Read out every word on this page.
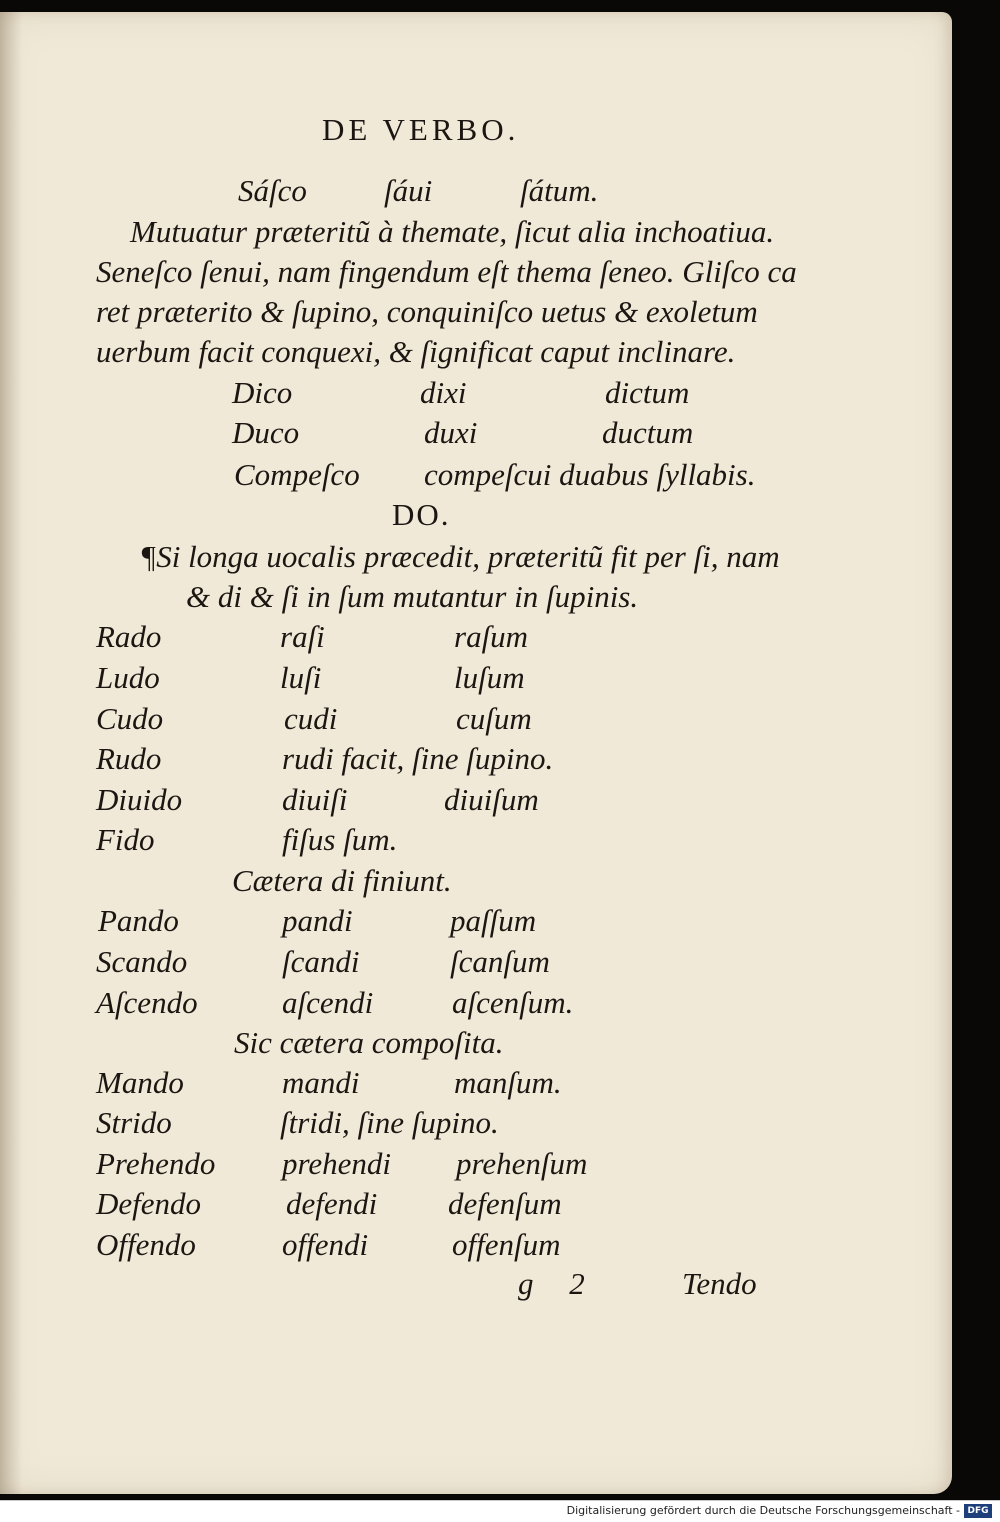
DE VERBO.
Sáſco ſáui	ſátum.
Mutuatur præteritũ à themate, ſicut alia inchoatiua.
Seneſco ſenui, nam fingendum eſt thema ſeneo. Gliſco ca
ret præterito & ſupino, conquiniſco uetus & exoletum
uerbum facit conquexi, & ſignificat caput inclinare.
Dico	dixi	dictum
Duco	duxi	ductum
Compeſco compeſcui duabus ſyllabis.
DO.
¶Si longa uocalis præcedit, præteritũ fit per ſi, nam
& di & ſi in ſum mutantur in ſupinis.
Rado	raſi	raſum
Ludo	luſi	luſum
Cudo	cudi	cuſum
Rudo	rudi facit, ſine ſupino.
Diuido	diuiſi	diuiſum
Fido	fiſus ſum.
Cætera di finiunt.
Pando	pandi	paſſum
Scando	ſcandi	ſcanſum
Aſcendo	aſcendi	aſcenſum.
Sic cætera compoſita.
Mando	mandi	manſum.
Strido	ſtridi, ſine ſupino.
Prehendo prehendi prehenſum
Defendo	defendi defenſum
Offendo	offendi	offenſum
g 2	Tendo
Digitalisierung gefördert durch die Deutsche Forschungsgemeinschaft - DFG
